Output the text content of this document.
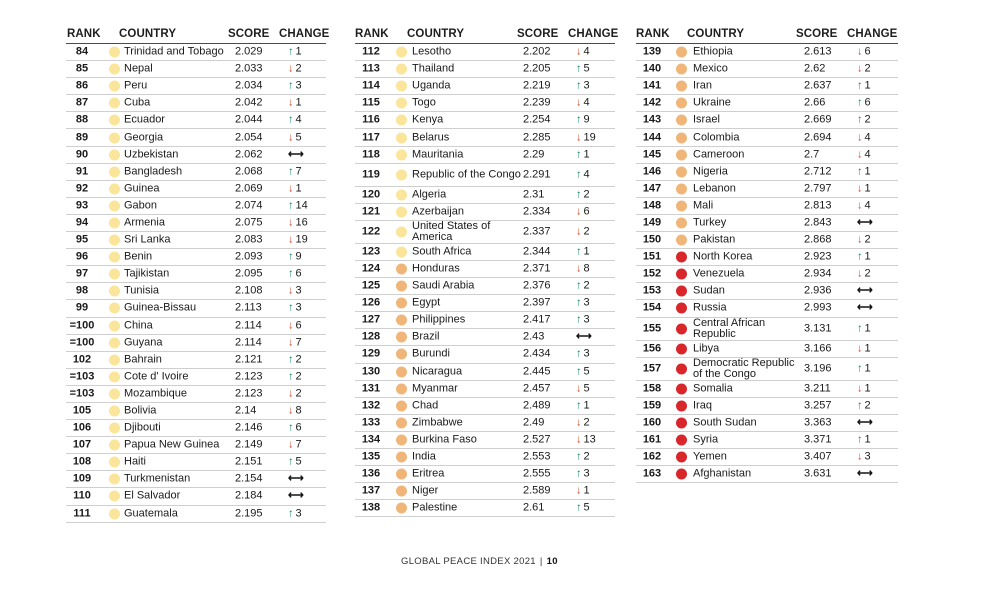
RANK COUNTRY	SCORE CHANGE
84	Trinidad and Tobago	2.029 ↑ 1
85	Nepal	2.033 ↓ 2
86	Peru	2.034 ↑ 3
87	Cuba	2.042 ↓ 1
88	Ecuador	2.044 ↑ 4
89	Georgia	2.054 ↓ 5
90	Uzbekistan	2.062 ⟷
91	Bangladesh	2.068 ↑ 7
92	Guinea	2.069 ↓ 1
93	Gabon	2.074 ↑ 14
94	Armenia	2.075 ↓ 16
95	Sri Lanka	2.083 ↓ 19
96	Benin	2.093 ↑ 9
97	Tajikistan	2.095 ↑ 6
98	Tunisia	2.108 ↓ 3
99	Guinea-Bissau	2.113 ↑ 3
=100	China	2.114 ↓ 6
=100	Guyana	2.114 ↓ 7
102	Bahrain	2.121 ↑ 2
=103	Cote d' Ivoire	2.123 ↑ 2
=103	Mozambique	2.123 ↓ 2
105	Bolivia	2.14	↓ 8
106	Djibouti	2.146 ↑ 6
107	Papua New Guinea	2.149 ↓ 7
108	Haiti	2.151 ↑ 5
109	Turkmenistan	2.154 ⟷
110	El Salvador	2.184 ⟷
111	Guatemala	2.195 ↑ 3
RANK COUNTRY	SCORE CHANGE
112	Lesotho	2.202 ↓ 4
113	Thailand	2.205 ↑ 5
114	Uganda	2.219 ↑ 3
115	Togo	2.239 ↓ 4
116	Kenya	2.254 ↑ 9
117	Belarus	2.285 ↓ 19
118	Mauritania	2.29	↑ 1
119	Republic of the Congo 2.291 ↑ 4
120	Algeria	2.31	↑ 2
121	Azerbaijan	2.334 ↓ 6
122	United States of America	2.337 ↓ 2
123	South Africa	2.344 ↑ 1
124	Honduras	2.371 ↓ 8
125	Saudi Arabia	2.376 ↑ 2
126	Egypt	2.397 ↑ 3
127	Philippines	2.417 ↑ 3
128	Brazil	2.43	⟷
129	Burundi	2.434 ↑ 3
130	Nicaragua	2.445 ↑ 5
131	Myanmar	2.457 ↓ 5
132	Chad	2.489 ↑ 1
133	Zimbabwe	2.49	↓ 2
134	Burkina Faso	2.527 ↓ 13
135	India	2.553 ↑ 2
136	Eritrea	2.555 ↑ 3
137	Niger	2.589 ↓ 1
138	Palestine	2.61	↑ 5
RANK COUNTRY	SCORE CHANGE
139	Ethiopia	2.613 ↓ 6
140	Mexico	2.62	↓ 2
141	Iran	2.637 ↑ 1
142	Ukraine	2.66	↑ 6
143	Israel	2.669 ↑ 2
144	Colombia	2.694 ↓ 4
145	Cameroon	2.7	↓ 4
146	Nigeria	2.712 ↑ 1
147	Lebanon	2.797 ↓ 1
148	Mali	2.813 ↓ 4
149	Turkey	2.843 ⟷
150	Pakistan	2.868 ↓ 2
151	North Korea	2.923 ↑ 1
152	Venezuela	2.934 ↓ 2
153	Sudan	2.936 ⟷
154	Russia	2.993 ⟷
155	Central African Republic	3.131 ↑ 1
156	Libya	3.166 ↓ 1
157	Democratic Republic of the Congo	3.196 ↑ 1
158	Somalia	3.211 ↓ 1
159	Iraq	3.257 ↑ 2
160	South Sudan	3.363 ⟷
161	Syria	3.371 ↑ 1
162	Yemen	3.407 ↓ 3
163	Afghanistan	3.631 ⟷
GLOBAL PEACE INDEX 2021 | 10
